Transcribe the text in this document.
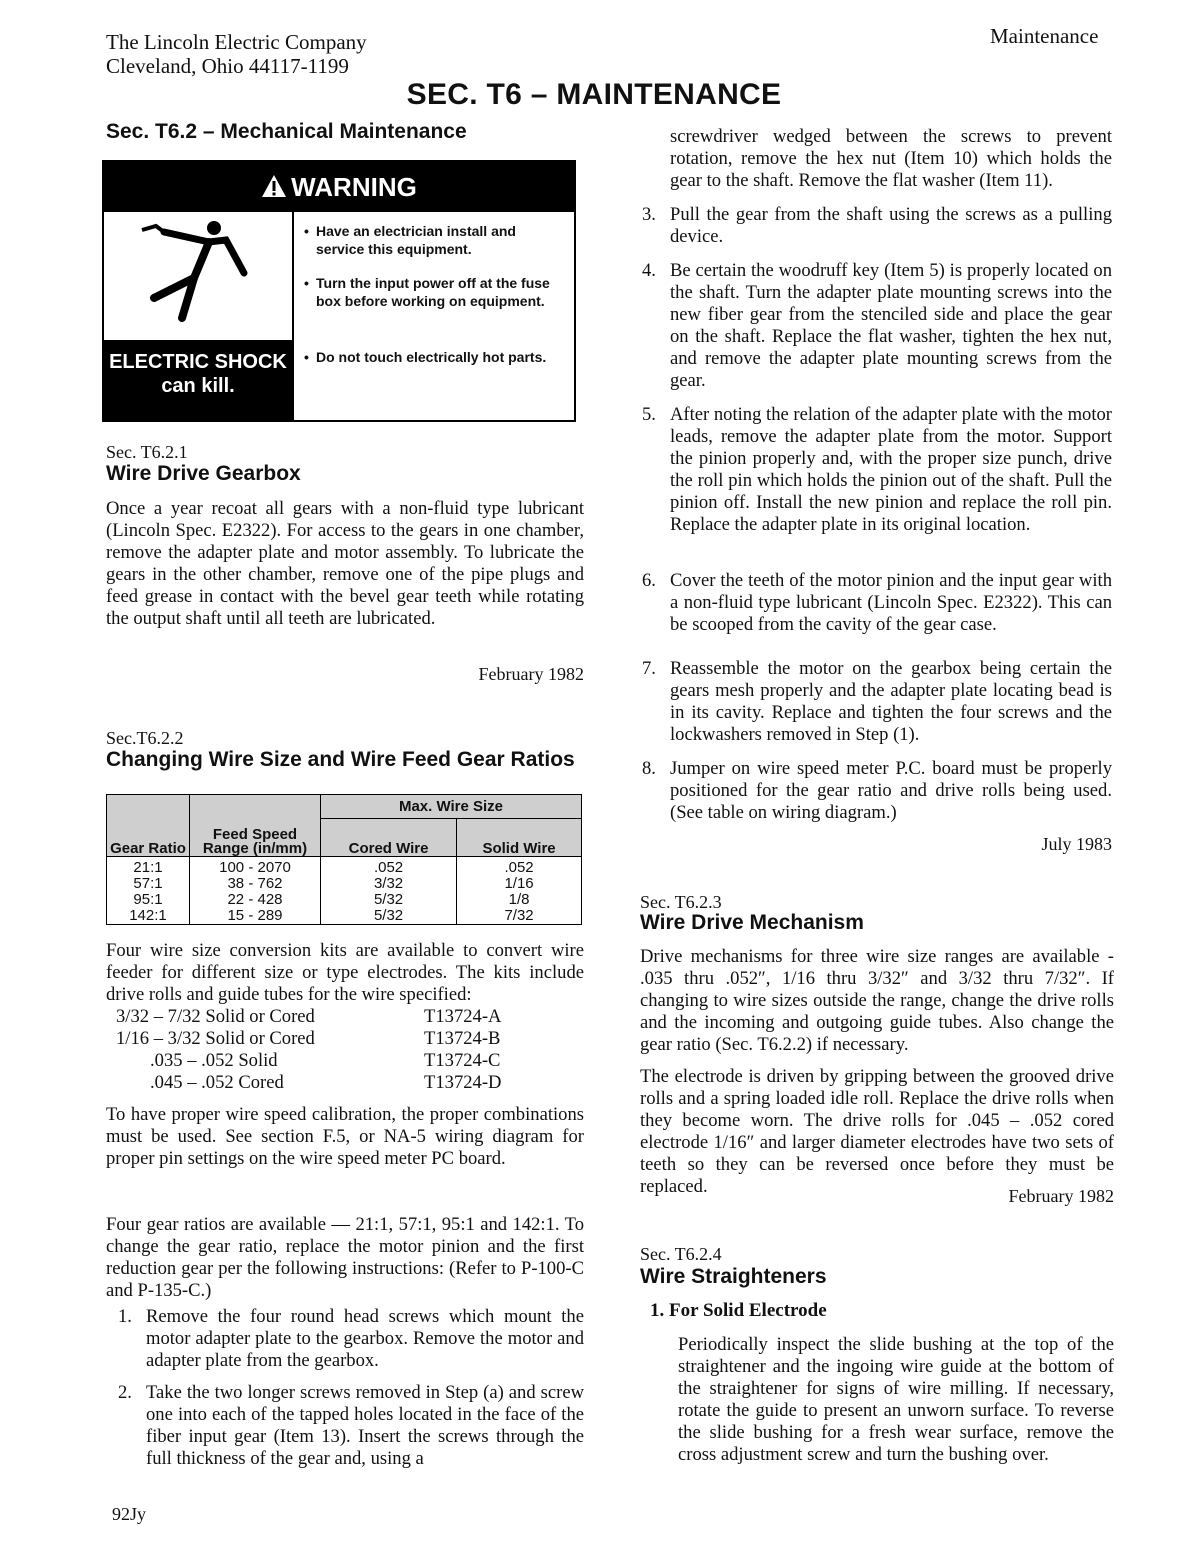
The Lincoln Electric Company
Cleveland, Ohio 44117-1199
Maintenance
SEC. T6 – MAINTENANCE
Sec. T6.2 – Mechanical Maintenance
WARNING
ELECTRIC SHOCK
can kill.
• Have an electrician install and service this equipment.
• Turn the input power off at the fuse box before working on equipment.
• Do not touch electrically hot parts.
Sec. T6.2.1
Wire Drive Gearbox

Once a year recoat all gears with a non-fluid type lubricant (Lincoln Spec. E2322). For access to the gears in one chamber, remove the adapter plate and motor assembly. To lubricate the gears in the other chamber, remove one of the pipe plugs and feed grease in contact with the bevel gear teeth while rotating the output shaft until all teeth are lubricated.

February 1982
Sec.T6.2.2
Changing Wire Size and Wire Feed Gear Ratios
Gear Ratio	Feed Speed Range (in/mm)	Max. Wire Size	
		Cored Wire	Solid Wire
21:1	100 - 2070	.052	.052
57:1	38 - 762	3/32	1/16
95:1	22 - 428	5/32	1/8
142:1	15 - 289	5/32	7/32

Four wire size conversion kits are available to convert wire feeder for different size or type electrodes. The kits include drive rolls and guide tubes for the wire specified:

3/32 – 7/32 Solid or Cored	T13724-A
1/16 – 3/32 Solid or Cored	T13724-B
.035 – .052 Solid	T13724-C
.045 – .052 Cored	T13724-D

To have proper wire speed calibration, the proper combinations must be used. See section F.5, or NA-5 wiring diagram for proper pin settings on the wire speed meter PC board.

Four gear ratios are available — 21:1, 57:1, 95:1 and 142:1. To change the gear ratio, replace the motor pinion and the first reduction gear per the following instructions: (Refer to P-100-C and P-135-C.)

1. Remove the four round head screws which mount the motor adapter plate to the gearbox. Remove the motor and adapter plate from the gearbox.
2. Take the two longer screws removed in Step (a) and screw one into each of the tapped holes located in the face of the fiber input gear (Item 13). Insert the screws through the full thickness of the gear and, using a
92Jy
screwdriver wedged between the screws to prevent rotation, remove the hex nut (Item 10) which holds the gear to the shaft. Remove the flat washer (Item 11).
3. Pull the gear from the shaft using the screws as a pulling device.
4. Be certain the woodruff key (Item 5) is properly located on the shaft. Turn the adapter plate mounting screws into the new fiber gear from the stenciled side and place the gear on the shaft. Replace the flat washer, tighten the hex nut, and remove the adapter plate mounting screws from the gear.
5. After noting the relation of the adapter plate with the motor leads, remove the adapter plate from the motor. Support the pinion properly and, with the proper size punch, drive the roll pin which holds the pinion out of the shaft. Pull the pinion off. Install the new pinion and replace the roll pin. Replace the adapter plate in its original location.
6. Cover the teeth of the motor pinion and the input gear with a non-fluid type lubricant (Lincoln Spec. E2322). This can be scooped from the cavity of the gear case.
7. Reassemble the motor on the gearbox being certain the gears mesh properly and the adapter plate locating bead is in its cavity. Replace and tighten the four screws and the lockwashers removed in Step (1).
8. Jumper on wire speed meter P.C. board must be properly positioned for the gear ratio and drive rolls being used. (See table on wiring diagram.)
July 1983
Sec. T6.2.3
Wire Drive Mechanism

Drive mechanisms for three wire size ranges are available - .035 thru .052″, 1/16 thru 3/32″ and 3/32 thru 7/32″. If changing to wire sizes outside the range, change the drive rolls and the incoming and outgoing guide tubes. Also change the gear ratio (Sec. T6.2.2) if necessary.

The electrode is driven by gripping between the grooved drive rolls and a spring loaded idle roll. Replace the drive rolls when they become worn. The drive rolls for .045 – .052 cored electrode 1/16″ and larger diameter electrodes have two sets of teeth so they can be reversed once before they must be replaced.	February 1982
Sec. T6.2.4
Wire Straighteners
1. For Solid Electrode

Periodically inspect the slide bushing at the top of the straightener and the ingoing wire guide at the bottom of the straightener for signs of wire milling. If necessary, rotate the guide to present an unworn surface. To reverse the slide bushing for a fresh wear surface, remove the cross adjustment screw and turn the bushing over.
